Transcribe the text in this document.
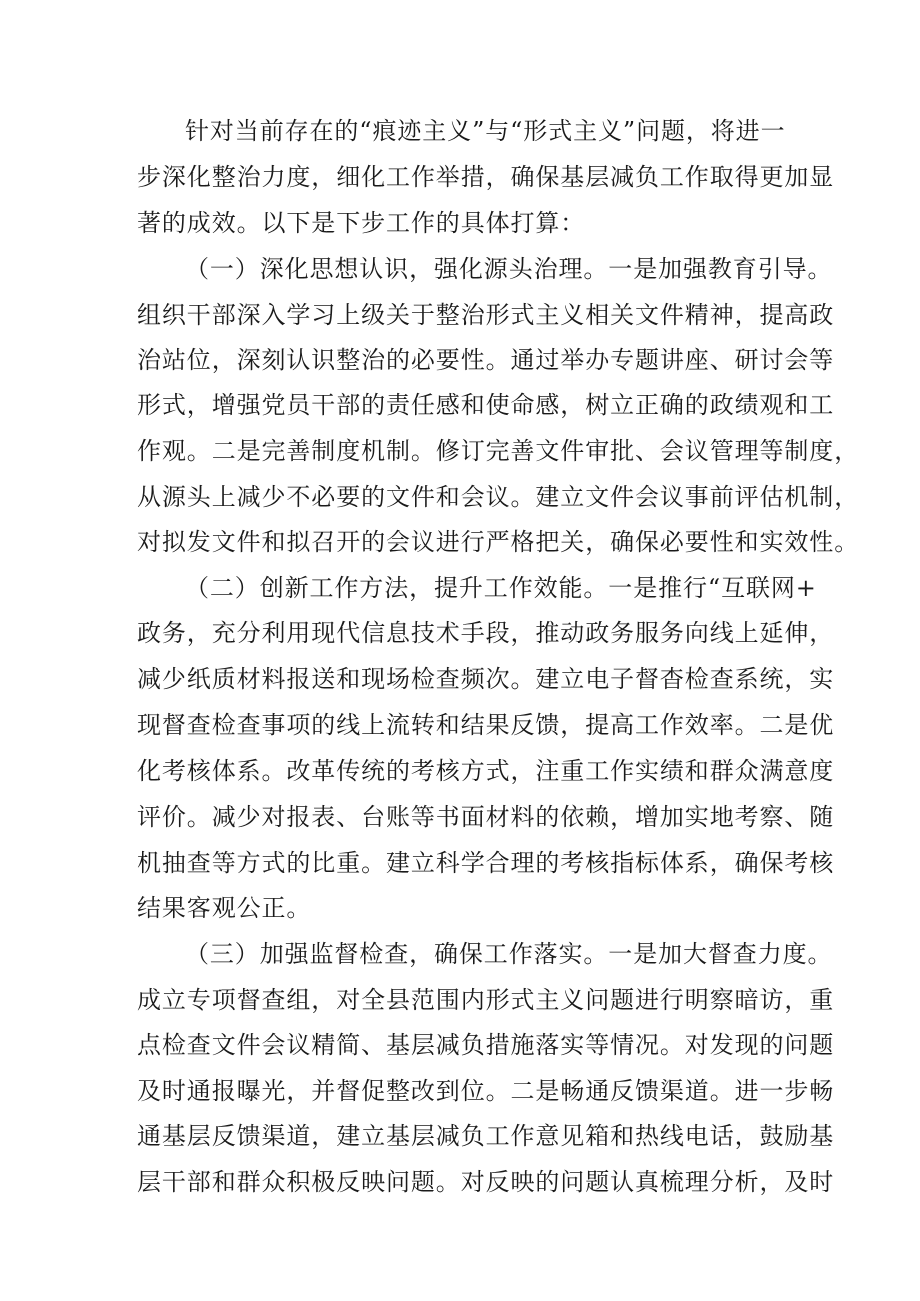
针对当前存在的“痕迹主义”与“形式主义”问题，将进一
步深化整治力度，细化工作举措，确保基层减负工作取得更加显
著的成效。以下是下步工作的具体打算：
（一）深化思想认识，强化源头治理。一是加强教育引导。
组织干部深入学习上级关于整治形式主义相关文件精神，提高政
治站位，深刻认识整治的必要性。通过举办专题讲座、研讨会等
形式，增强党员干部的责任感和使命感，树立正确的政绩观和工
作观。二是完善制度机制。修订完善文件审批、会议管理等制度，
从源头上减少不必要的文件和会议。建立文件会议事前评估机制，
对拟发文件和拟召开的会议进行严格把关，确保必要性和实效性。
（二）创新工作方法，提升工作效能。一是推行“互联网+
政务，充分利用现代信息技术手段，推动政务服务向线上延伸，
减少纸质材料报送和现场检查频次。建立电子督杳检查系统，实
现督查检查事项的线上流转和结果反馈，提高工作效率。二是优
化考核体系。改革传统的考核方式，注重工作实绩和群众满意度
评价。减少对报表、台账等书面材料的依赖，增加实地考察、随
机抽查等方式的比重。建立科学合理的考核指标体系，确保考核
结果客观公正。
（三）加强监督检查，确保工作落实。一是加大督查力度。
成立专项督查组，对全县范围内形式主义问题进行明察暗访，重
点检查文件会议精简、基层减负措施落实等情况。对发现的问题
及时通报曝光，并督促整改到位。二是畅通反馈渠道。进一步畅
通基层反馈渠道，建立基层减负工作意见箱和热线电话，鼓励基
层干部和群众积极反映问题。对反映的问题认真梳理分析，及时
